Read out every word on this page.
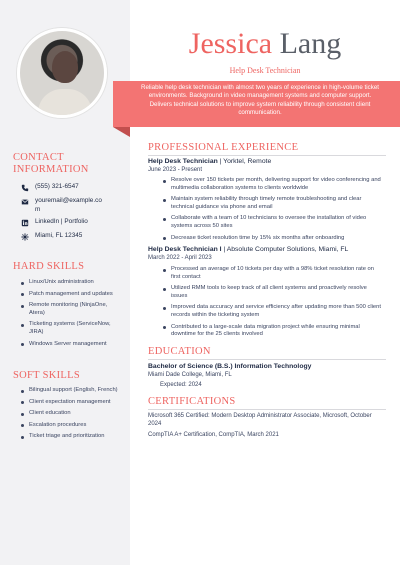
CONTACT INFORMATION
(555) 321-6547
youremail@example.com
LinkedIn | Portfolio
Miami, FL 12345
HARD SKILLS
Linux/Unix administration
Patch management and updates
Remote monitoring (NinjaOne, Atera)
Ticketing systems (ServiceNow, JIRA)
Windows Server management
SOFT SKILLS
Bilingual support (English, French)
Client expectation management
Client education
Escalation procedures
Ticket triage and prioritization
Jessica Lang
Help Desk Technician
Reliable help desk technician with almost two years of experience in high-volume ticket environments. Background in video management systems and computer support. Delivers technical solutions to improve system reliability through consistent client communication.
PROFESSIONAL EXPERIENCE
Help Desk Technician | Yorktel, Remote
June 2023 - Present
Resolve over 150 tickets per month, delivering support for video conferencing and multimedia collaboration systems to clients worldwide
Maintain system reliability through timely remote troubleshooting and clear technical guidance via phone and email
Collaborate with a team of 10 technicians to oversee the installation of video systems across 50 sites
Decrease ticket resolution time by 15% six months after onboarding
Help Desk Technician I | Absolute Computer Solutions, Miami, FL
March 2022 - April 2023
Processed an average of 10 tickets per day with a 98% ticket resolution rate on first contact
Utilized RMM tools to keep track of all client systems and proactively resolve issues
Improved data accuracy and service efficiency after updating more than 500 client records within the ticketing system
Contributed to a large-scale data migration project while ensuring minimal downtime for the 25 clients involved
EDUCATION
Bachelor of Science (B.S.) Information Technology
Miami Dade College, Miami, FL
Expected: 2024
CERTIFICATIONS
Microsoft 365 Certified: Modern Desktop Administrator Associate, Microsoft, October 2024
CompTIA A+ Certification, CompTIA, March 2021
